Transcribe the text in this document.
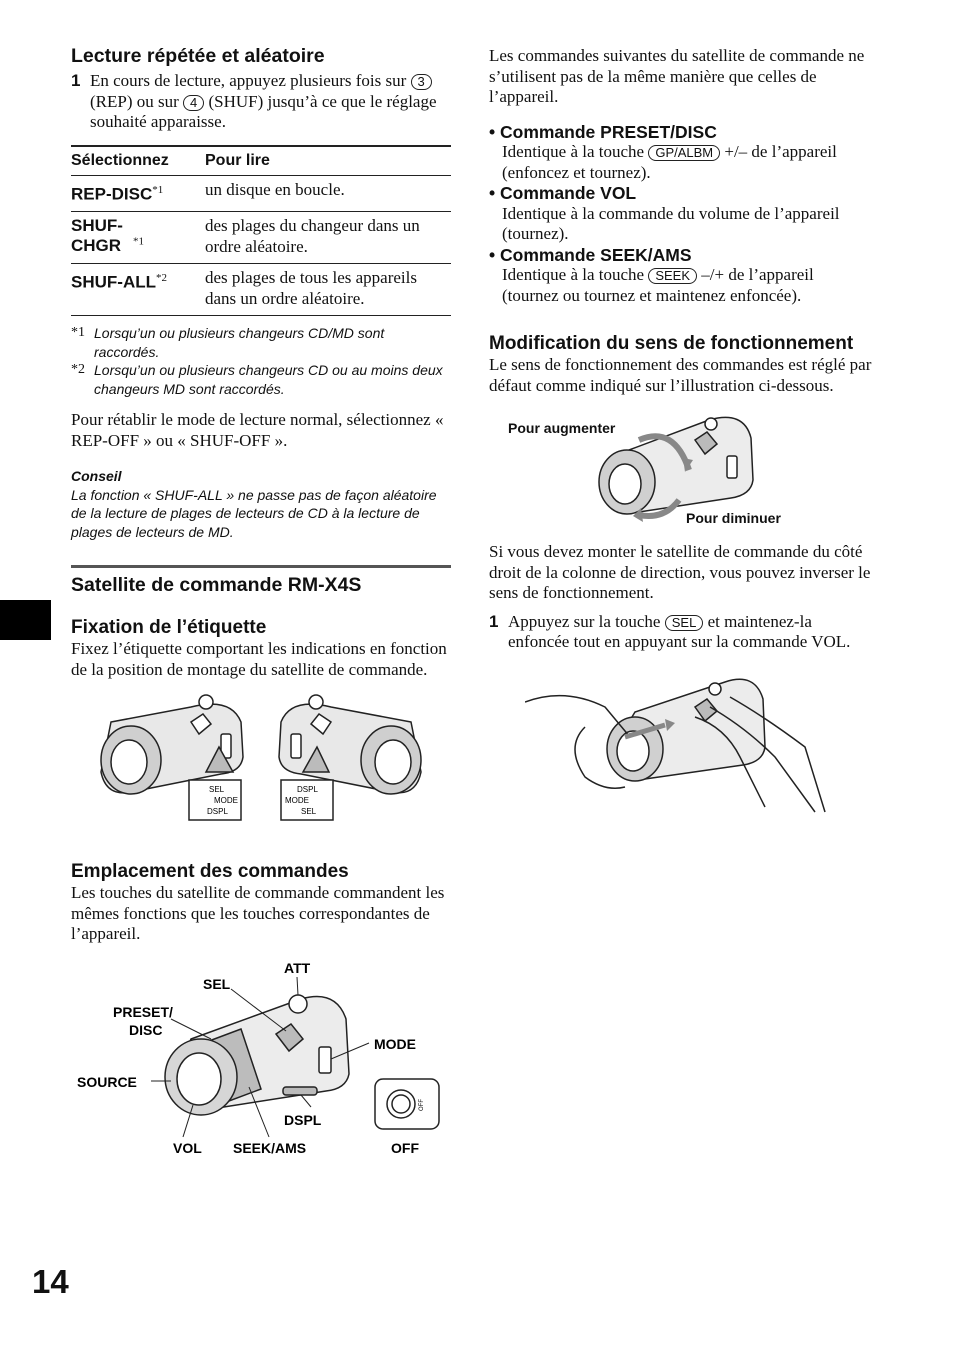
14
Lecture répétée et aléatoire
1 En cours de lecture, appuyez plusieurs fois sur 3 (REP) ou sur 4 (SHUF) jusqu’à ce que le réglage souhaité apparaisse.

Sélectionnez	Pour lire
REP-DISC$^{*1}$	un disque en boucle.
SHUF-CHGR $^{*1}$	des plages du changeur dans un ordre aléatoire.
SHUF-ALL$^{*2}$	des plages de tous les appareils dans un ordre aléatoire.
*1 Lorsqu’un ou plusieurs changeurs CD/MD sont raccordés.
*2 Lorsqu’un ou plusieurs changeurs CD ou au moins deux changeurs MD sont raccordés.

Pour rétablir le mode de lecture normal, sélectionnez « REP-OFF » ou « SHUF-OFF ».

Conseil
La fonction « SHUF-ALL » ne passe pas de façon aléatoire de la lecture de plages de lecteurs de CD à la lecture de plages de lecteurs de MD.
Satellite de commande RM-X4S
Fixation de l’étiquette

Fixez l’étiquette comportant les indications en fonction de la position de montage du satellite de commande.

SEL
MODE
DSPL
DSPL
MODE
SEL
Emplacement des commandes

Les touches du satellite de commande commandent les mêmes fonctions que les touches correspondantes de l’appareil.

ATT
SEL
PRESET/
DISC
MODE
SOURCE
DSPL
VOL SEEK/AMS	OFF
OFF

Les commandes suivantes du satellite de commande ne s’utilisent pas de la même manière que celles de l’appareil.

• Commande PRESET/DISC
Identique à la touche GP/ALBM +/– de l’appareil (enfoncez et tournez).
• Commande VOL
Identique à la commande du volume de l’appareil (tournez).
• Commande SEEK/AMS
Identique à la touche SEEK –/+ de l’appareil (tournez ou tournez et maintenez enfoncée).
Modification du sens de fonctionnement

Le sens de fonctionnement des commandes est réglé par défaut comme indiqué sur l’illustration ci-dessous.

Pour augmenter
Pour diminuer

Si vous devez monter le satellite de commande du côté droit de la colonne de direction, vous pouvez inverser le sens de fonctionnement.

1 Appuyez sur la touche SEL et maintenez-la enfoncée tout en appuyant sur la commande VOL.
